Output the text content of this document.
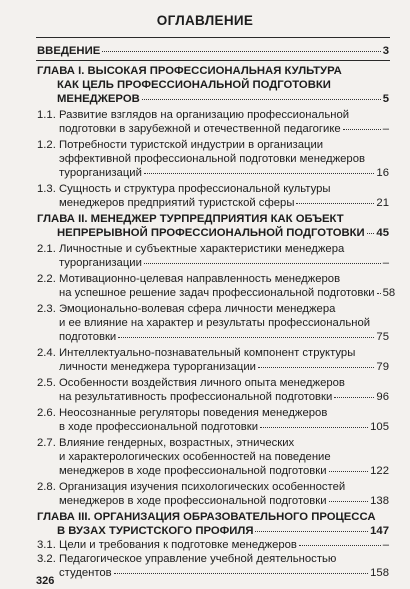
ОГЛАВЛЕНИЕ
ВВЕДЕНИЕ	3
ГЛАВА I. ВЫСОКАЯ ПРОФЕССИОНАЛЬНАЯ КУЛЬТУРА
КАК ЦЕЛЬ ПРОФЕССИОНАЛЬНОЙ ПОДГОТОВКИ
МЕНЕДЖЕРОВ	5
1.1. Развитие взглядов на организацию профессиональной
подготовки в зарубежной и отечественной педагогике	–
1.2. Потребности туристской индустрии в организации
эффективной профессиональной подготовки менеджеров
турорганизаций	16
1.3. Сущность и структура профессиональной культуры
менеджеров предприятий туристской сферы	21
ГЛАВА II. МЕНЕДЖЕР ТУРПРЕДПРИЯТИЯ КАК ОБЪЕКТ
НЕПРЕРЫВНОЙ ПРОФЕССИОНАЛЬНОЙ ПОДГОТОВКИ 45
2.1. Личностные и субъектные характеристики менеджера
турорганизации	–
2.2. Мотивационно-целевая направленность менеджеров
на успешное решение задач профессиональной подготовки 58
2.3. Эмоционально-волевая сфера личности менеджера
и ее влияние на характер и результаты профессиональной
подготовки	75
2.4. Интеллектуально-познавательный компонент структуры
личности менеджера турорганизации	79
2.5. Особенности воздействия личного опыта менеджеров
на результативность профессиональной подготовки	96
2.6. Неосознанные регуляторы поведения менеджеров
в ходе профессиональной подготовки	105
2.7. Влияние гендерных, возрастных, этнических
и характерологических особенностей на поведение
менеджеров в ходе профессиональной подготовки	122
2.8. Организация изучения психологических особенностей
менеджеров в ходе профессиональной подготовки	138
ГЛАВА III. ОРГАНИЗАЦИЯ ОБРАЗОВАТЕЛЬНОГО ПРОЦЕССА
В ВУЗАХ ТУРИСТСКОГО ПРОФИЛЯ	147
3.1. Цели и требования к подготовке менеджеров	–
3.2. Педагогическое управление учебной деятельностью
студентов	158
326
